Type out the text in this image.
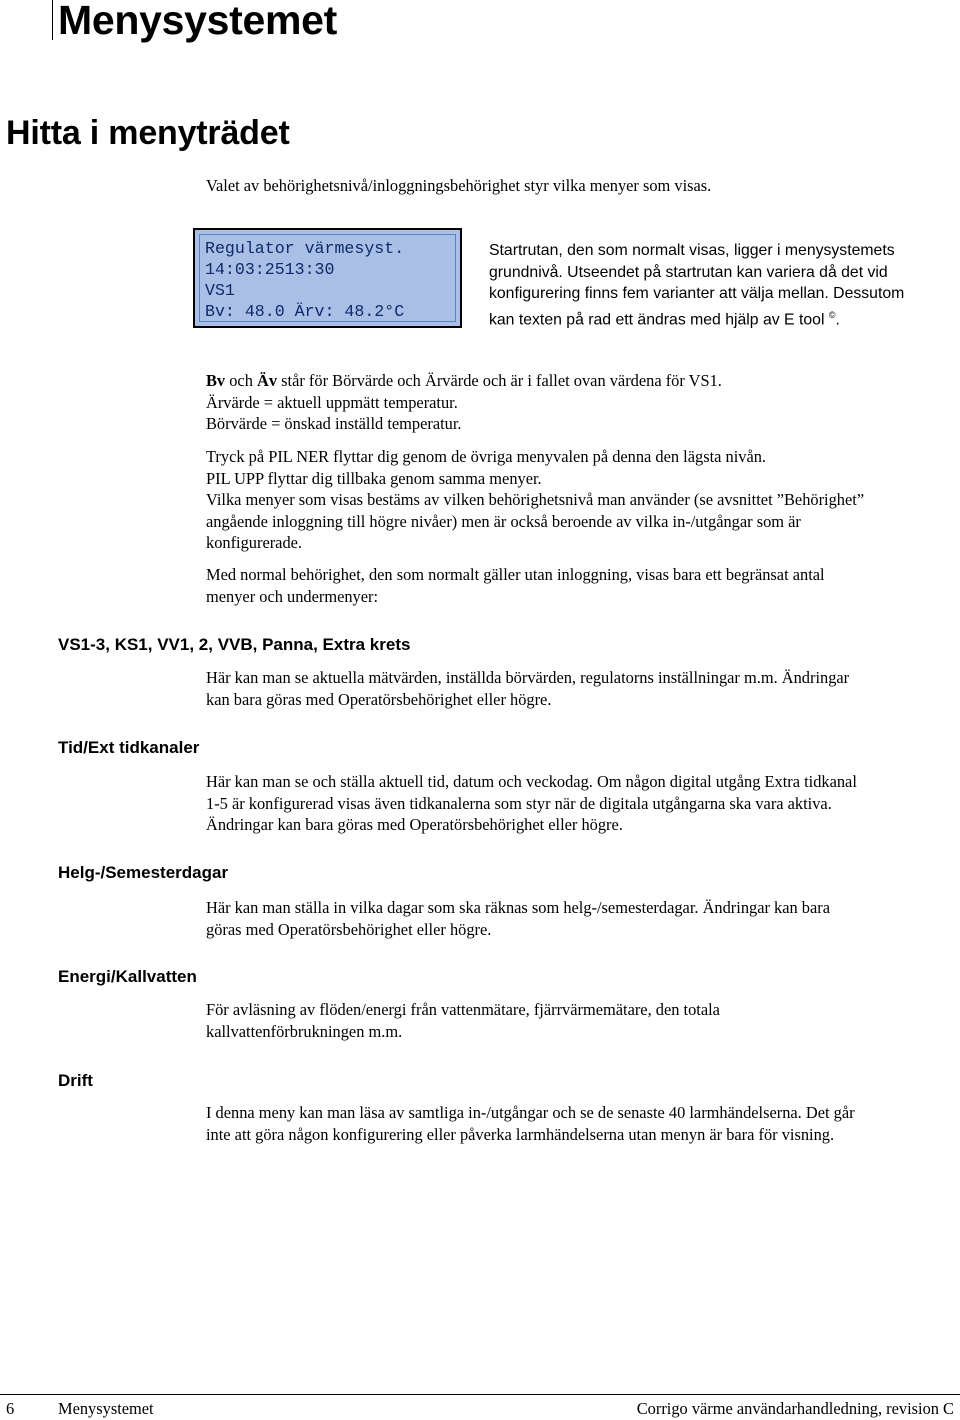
Menysystemet
Hitta i menyträdet

Valet av behörighetsnivå/inloggningsbehörighet styr vilka menyer som visas.

Regulator värmesyst.
14:03:2513:30
VS1
Bv: 48.0 Ärv: 48.2°C
Startrutan, den som normalt visas, ligger i menysystemets
grundnivå. Utseendet på startrutan kan variera då det vid
konfigurering finns fem varianter att välja mellan. Dessutom
kan texten på rad ett ändras med hjälp av E tool ©.
Bv och Äv står för Börvärde och Ärvärde och är i fallet ovan värdena för VS1.
Ärvärde = aktuell uppmätt temperatur.
Börvärde = önskad inställd temperatur.
Tryck på PIL NER flyttar dig genom de övriga menyvalen på denna den lägsta nivån.
PIL UPP flyttar dig tillbaka genom samma menyer.
Vilka menyer som visas bestäms av vilken behörighetsnivå man använder (se avsnittet ”Behörighet”
angående inloggning till högre nivåer) men är också beroende av vilka in-/utgångar som är
konfigurerade.
Med normal behörighet, den som normalt gäller utan inloggning, visas bara ett begränsat antal
menyer och undermenyer:
VS1-3, KS1, VV1, 2, VVB, Panna, Extra krets
Här kan man se aktuella mätvärden, inställda börvärden, regulatorns inställningar m.m. Ändringar
kan bara göras med Operatörsbehörighet eller högre.
Tid/Ext tidkanaler
Här kan man se och ställa aktuell tid, datum och veckodag. Om någon digital utgång Extra tidkanal
1-5 är konfigurerad visas även tidkanalerna som styr när de digitala utgångarna ska vara aktiva.
Ändringar kan bara göras med Operatörsbehörighet eller högre.
Helg-/Semesterdagar
Här kan man ställa in vilka dagar som ska räknas som helg-/semesterdagar. Ändringar kan bara
göras med Operatörsbehörighet eller högre.
Energi/Kallvatten
För avläsning av flöden/energi från vattenmätare, fjärrvärmemätare, den totala
kallvattenförbrukningen m.m.
Drift
I denna meny kan man läsa av samtliga in-/utgångar och se de senaste 40 larmhändelserna. Det går
inte att göra någon konfigurering eller påverka larmhändelserna utan menyn är bara för visning.
6	Menysystemet	Corrigo värme användarhandledning, revision C
